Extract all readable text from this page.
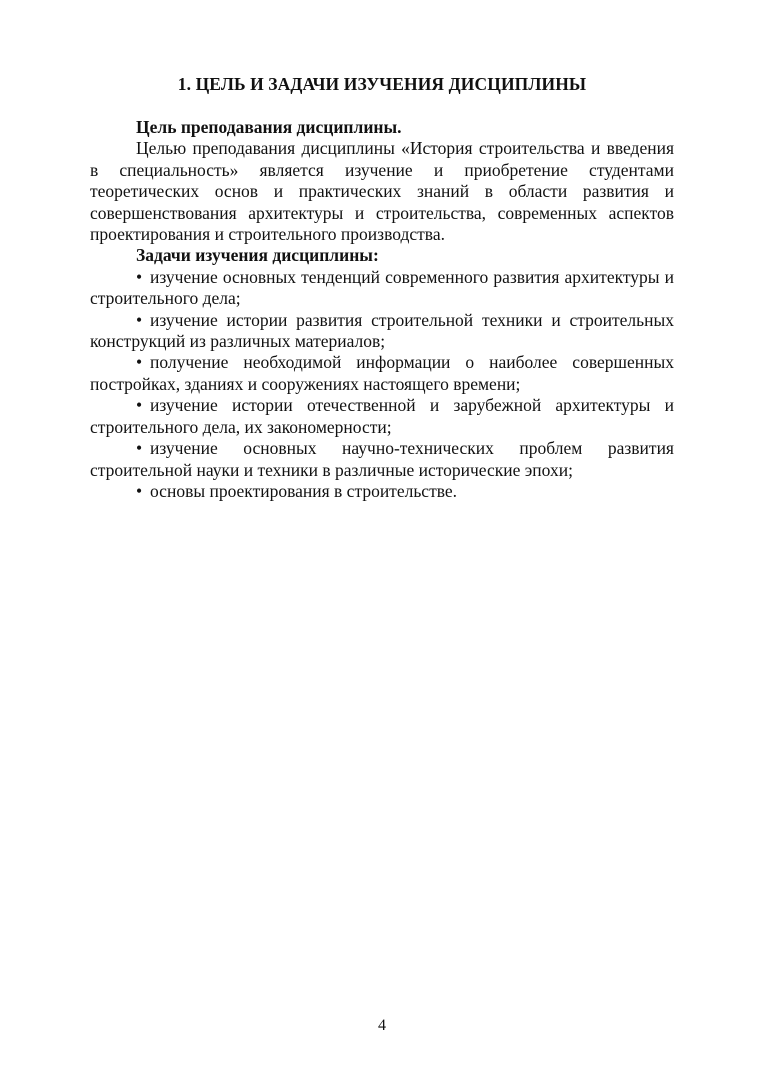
1. ЦЕЛЬ И ЗАДАЧИ ИЗУЧЕНИЯ ДИСЦИПЛИНЫ

Цель преподавания дисциплины.

Целью преподавания дисциплины «История строительства и введения в специальность» является изучение и приобретение студентами теоретических основ и практических знаний в области развития и совершенствования архитектуры и строительства, современных аспектов проектирования и строительного производства.

Задачи изучения дисциплины:

• изучение основных тенденций современного развития архитектуры и строительного дела;

• изучение истории развития строительной техники и строительных конструкций из различных материалов;

• получение необходимой информации о наиболее совершенных постройках, зданиях и сооружениях настоящего времени;

• изучение истории отечественной и зарубежной архитектуры и строительного дела, их закономерности;

• изучение основных научно-технических проблем развития строительной науки и техники в различные исторические эпохи;

• основы проектирования в строительстве.

4
